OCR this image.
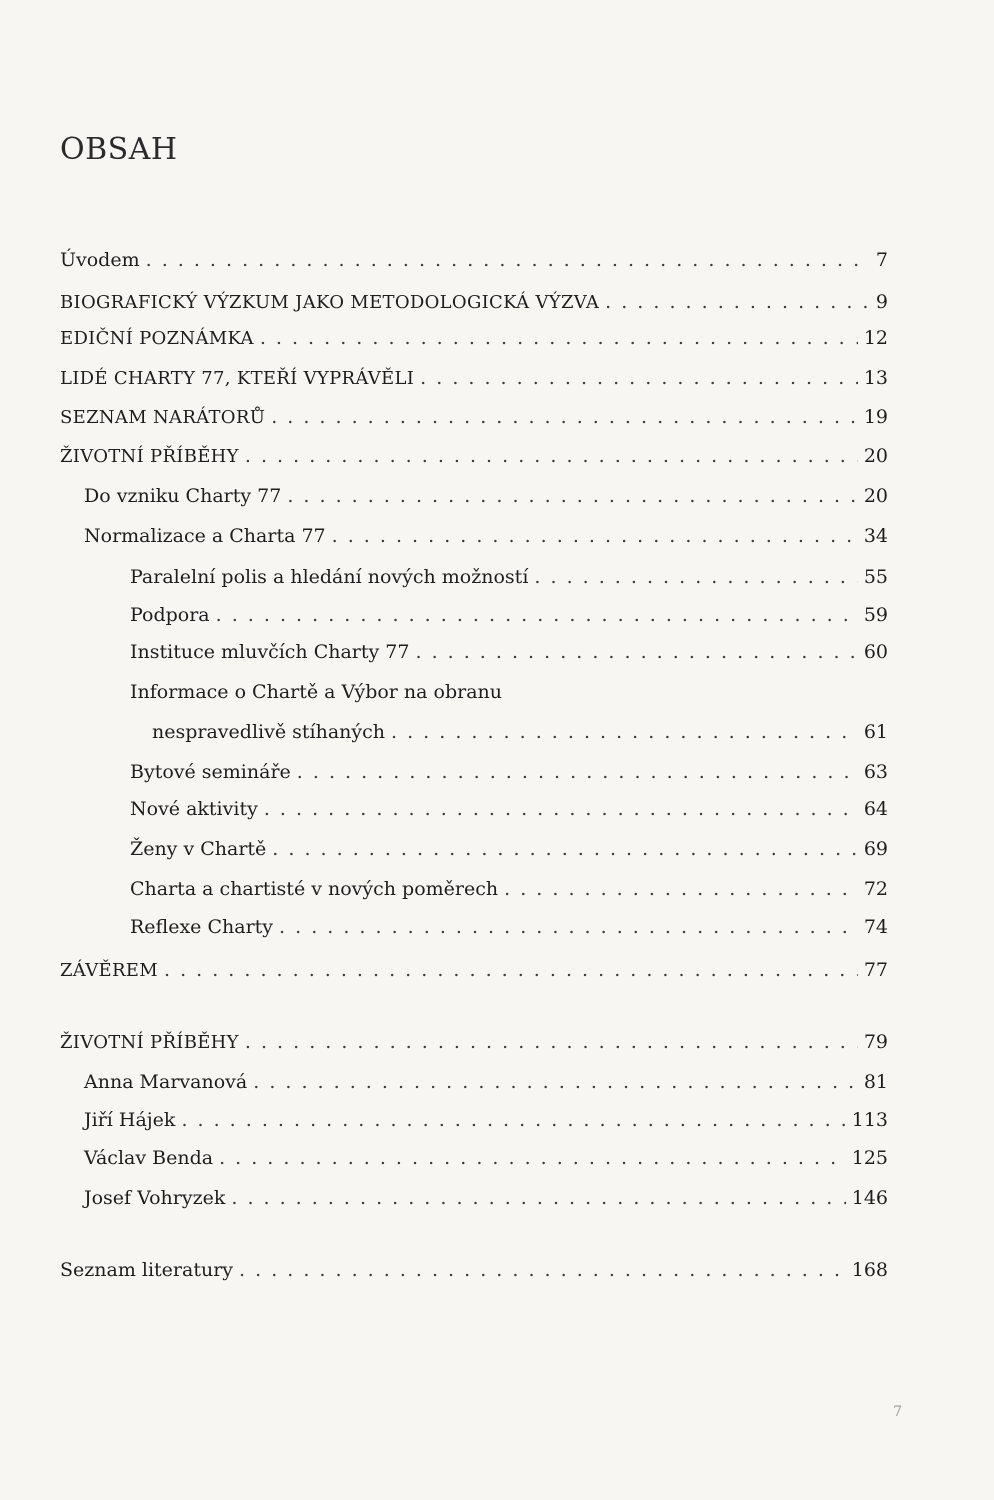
OBSAH
Úvodem . . .	7
BIOGRAFICKÝ VÝZKUM JAKO METODOLOGICKÁ VÝZVA . . .	9
EDIČNÍ POZNÁMKA . . .	12
LIDÉ CHARTY 77, KTEŘÍ VYPRÁVĚLI . . .	13
SEZNAM NARÁTORŮ . . .	19
ŽIVOTNÍ PŘÍBĚHY . . .	20
Do vzniku Charty 77 . . .	20
Normalizace a Charta 77 . . .	34
Paralelní polis a hledání nových možností . . .	55
Podpora . . .	59
Instituce mluvčích Charty 77 . . .	60
Informace o Chartě a Výbor na obranu
nespravedlivě stíhaných . . .	61
Bytové semináře . . .	63
Nové aktivity . . .	64
Ženy v Chartě . . .	69
Charta a chartisté v nových poměrech . . .	72
Reflexe Charty . . .	74
ZÁVĚREM . . .	77
ŽIVOTNÍ PŘÍBĚHY . . .	79
Anna Marvanová . . .	81
Jiří Hájek . . .	113
Václav Benda . . .	125
Josef Vohryzek . . .	146
Seznam literatury . . .	168
7
